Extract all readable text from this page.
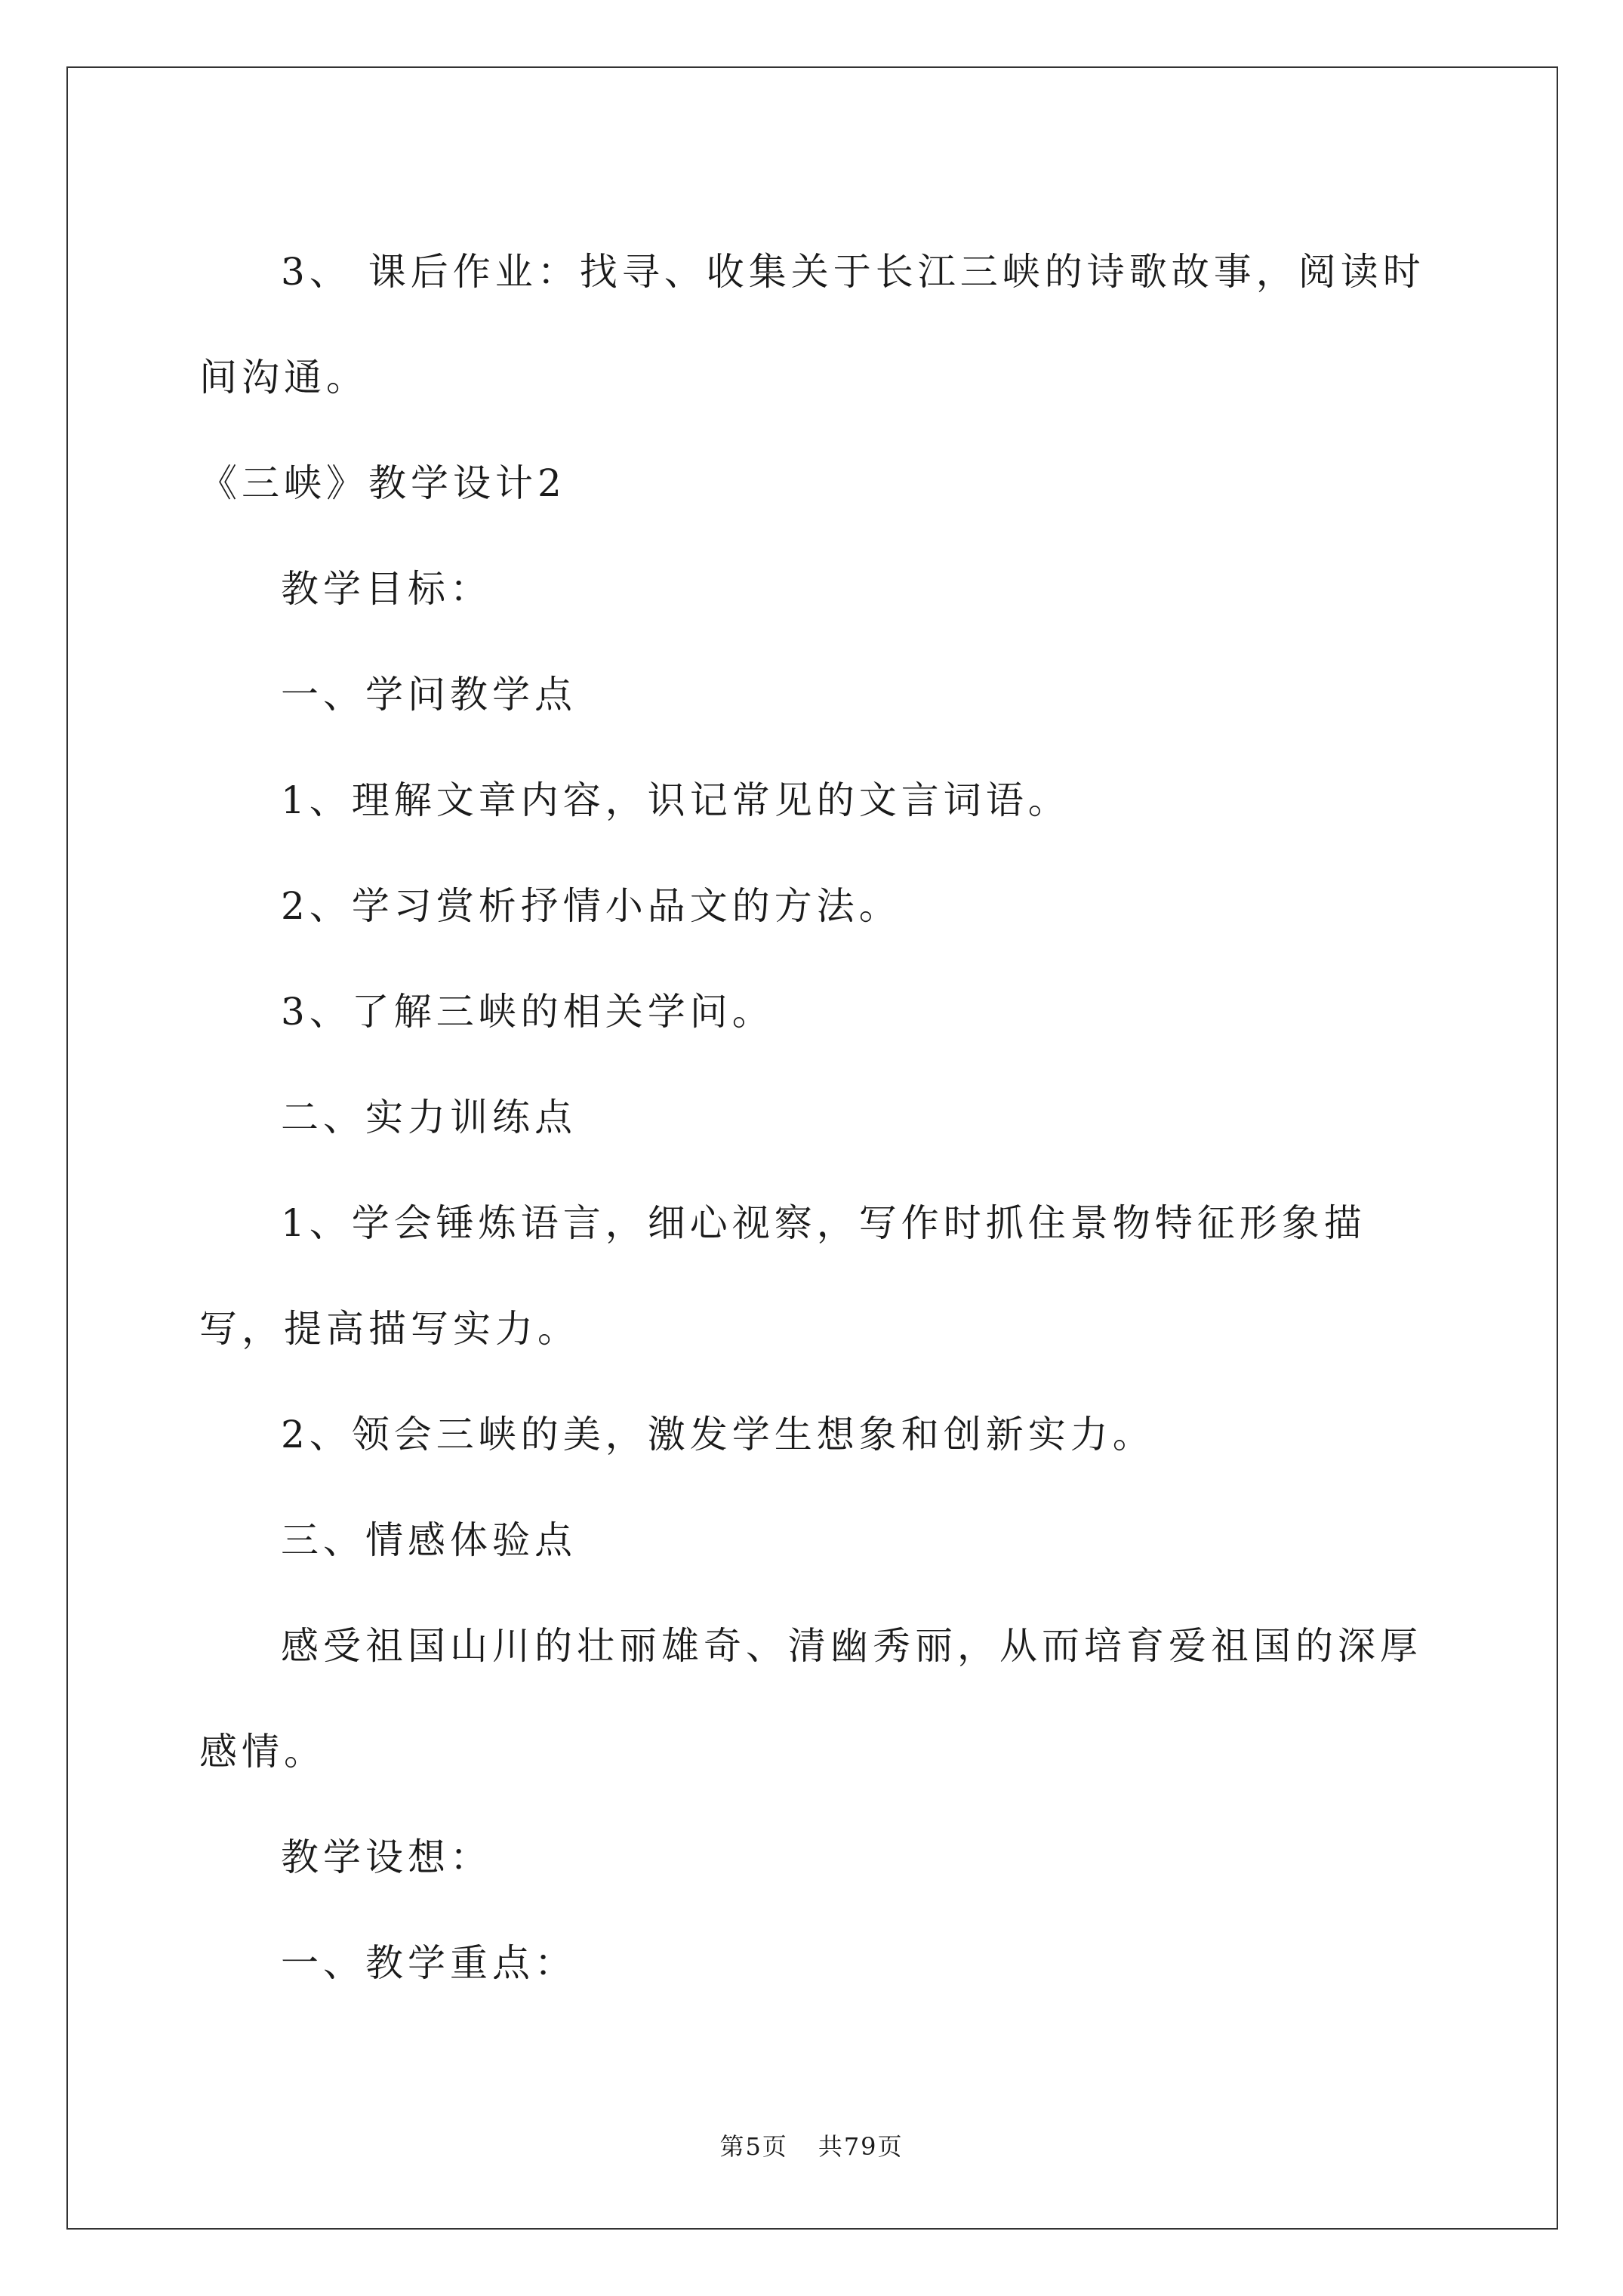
3、 课后作业：找寻、收集关于长江三峡的诗歌故事，阅读时间沟通。

《三峡》教学设计2

教学目标：

一、学问教学点

1、理解文章内容，识记常见的文言词语。

2、学习赏析抒情小品文的方法。

3、了解三峡的相关学问。

二、实力训练点

1、学会锤炼语言，细心视察，写作时抓住景物特征形象描写，提高描写实力。

2、领会三峡的美，激发学生想象和创新实力。

三、情感体验点

感受祖国山川的壮丽雄奇、清幽秀丽，从而培育爱祖国的深厚感情。

教学设想：

一、教学重点：

第5页 共79页
